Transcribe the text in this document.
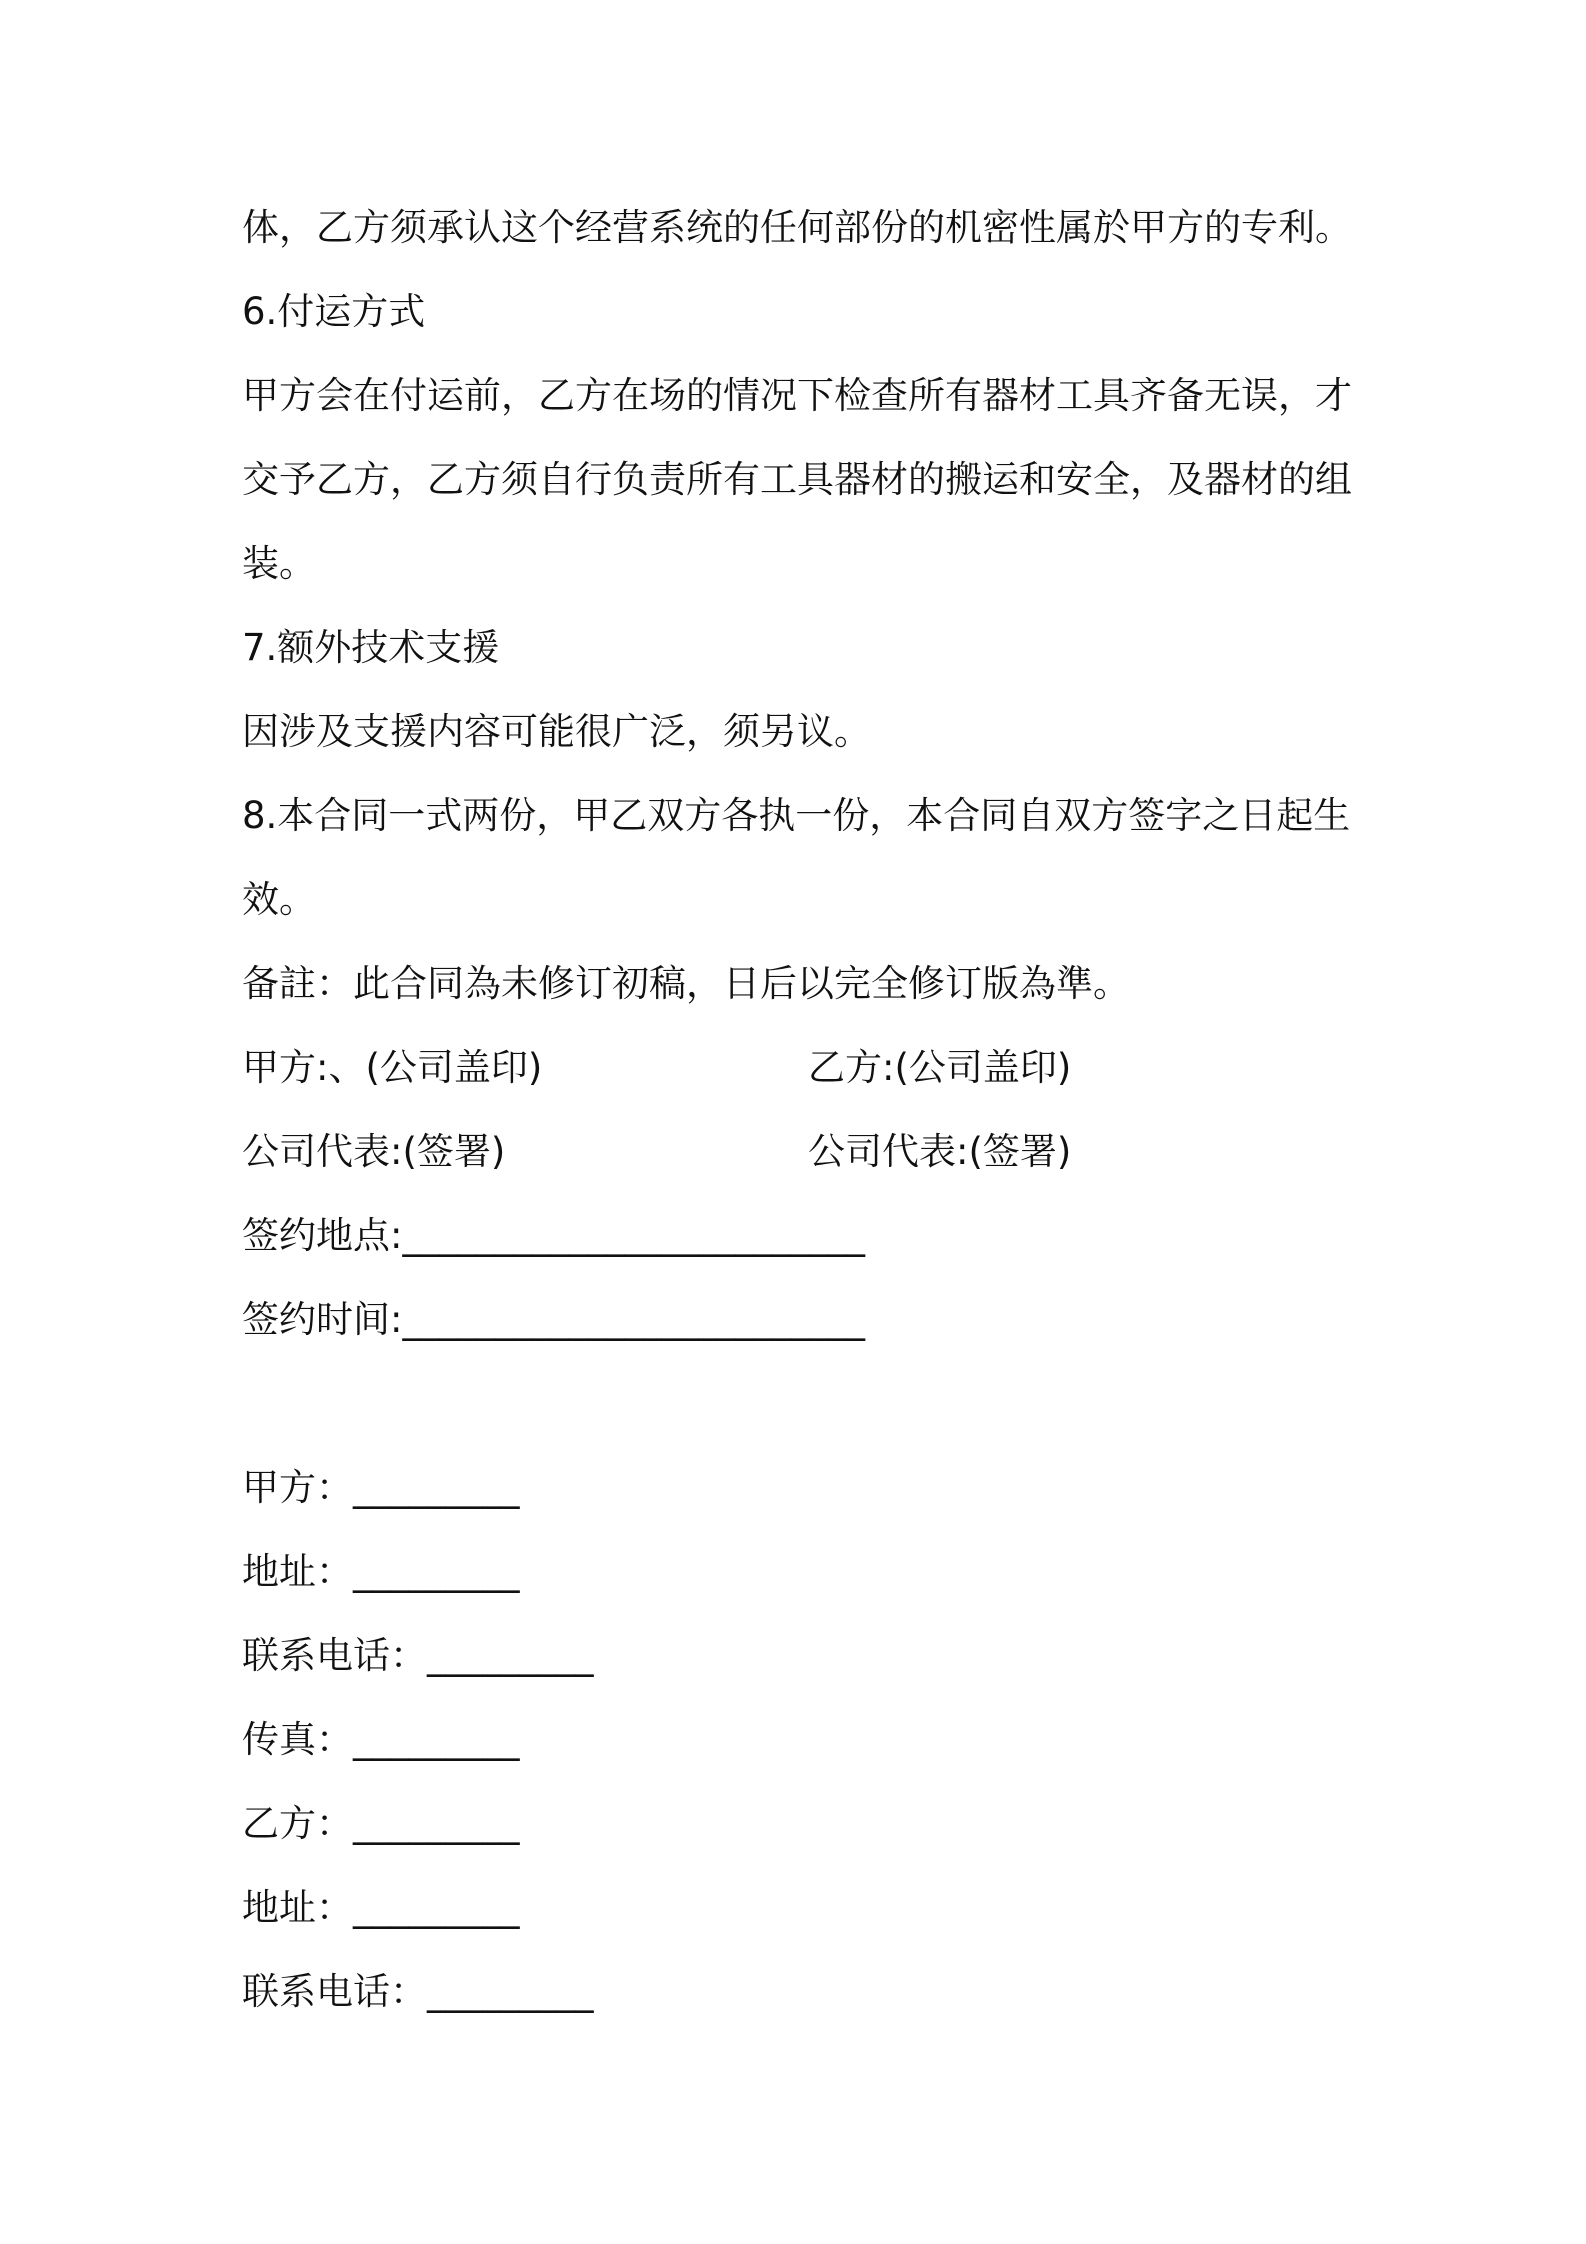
体，乙方须承认这个经营系统的任何部份的机密性属於甲方的专利。
6.付运方式
甲方会在付运前，乙方在场的情况下检查所有器材工具齐备无误，才
交予乙方，乙方须自行负责所有工具器材的搬运和安全，及器材的组
装。
7.额外技术支援
因涉及支援内容可能很广泛，须另议。
8.本合同一式两份，甲乙双方各执一份，本合同自双方签字之日起生
效。
备註：此合同為未修订初稿，日后以完全修订版為準。
甲方:、(公司盖印)	乙方:(公司盖印)
公司代表:(签署)	公司代表:(签署)
签约地点:_________________________
签约时间:_________________________
甲方：_________
地址：_________
联系电话：_________
传真：_________
乙方：_________
地址：_________
联系电话：_________
